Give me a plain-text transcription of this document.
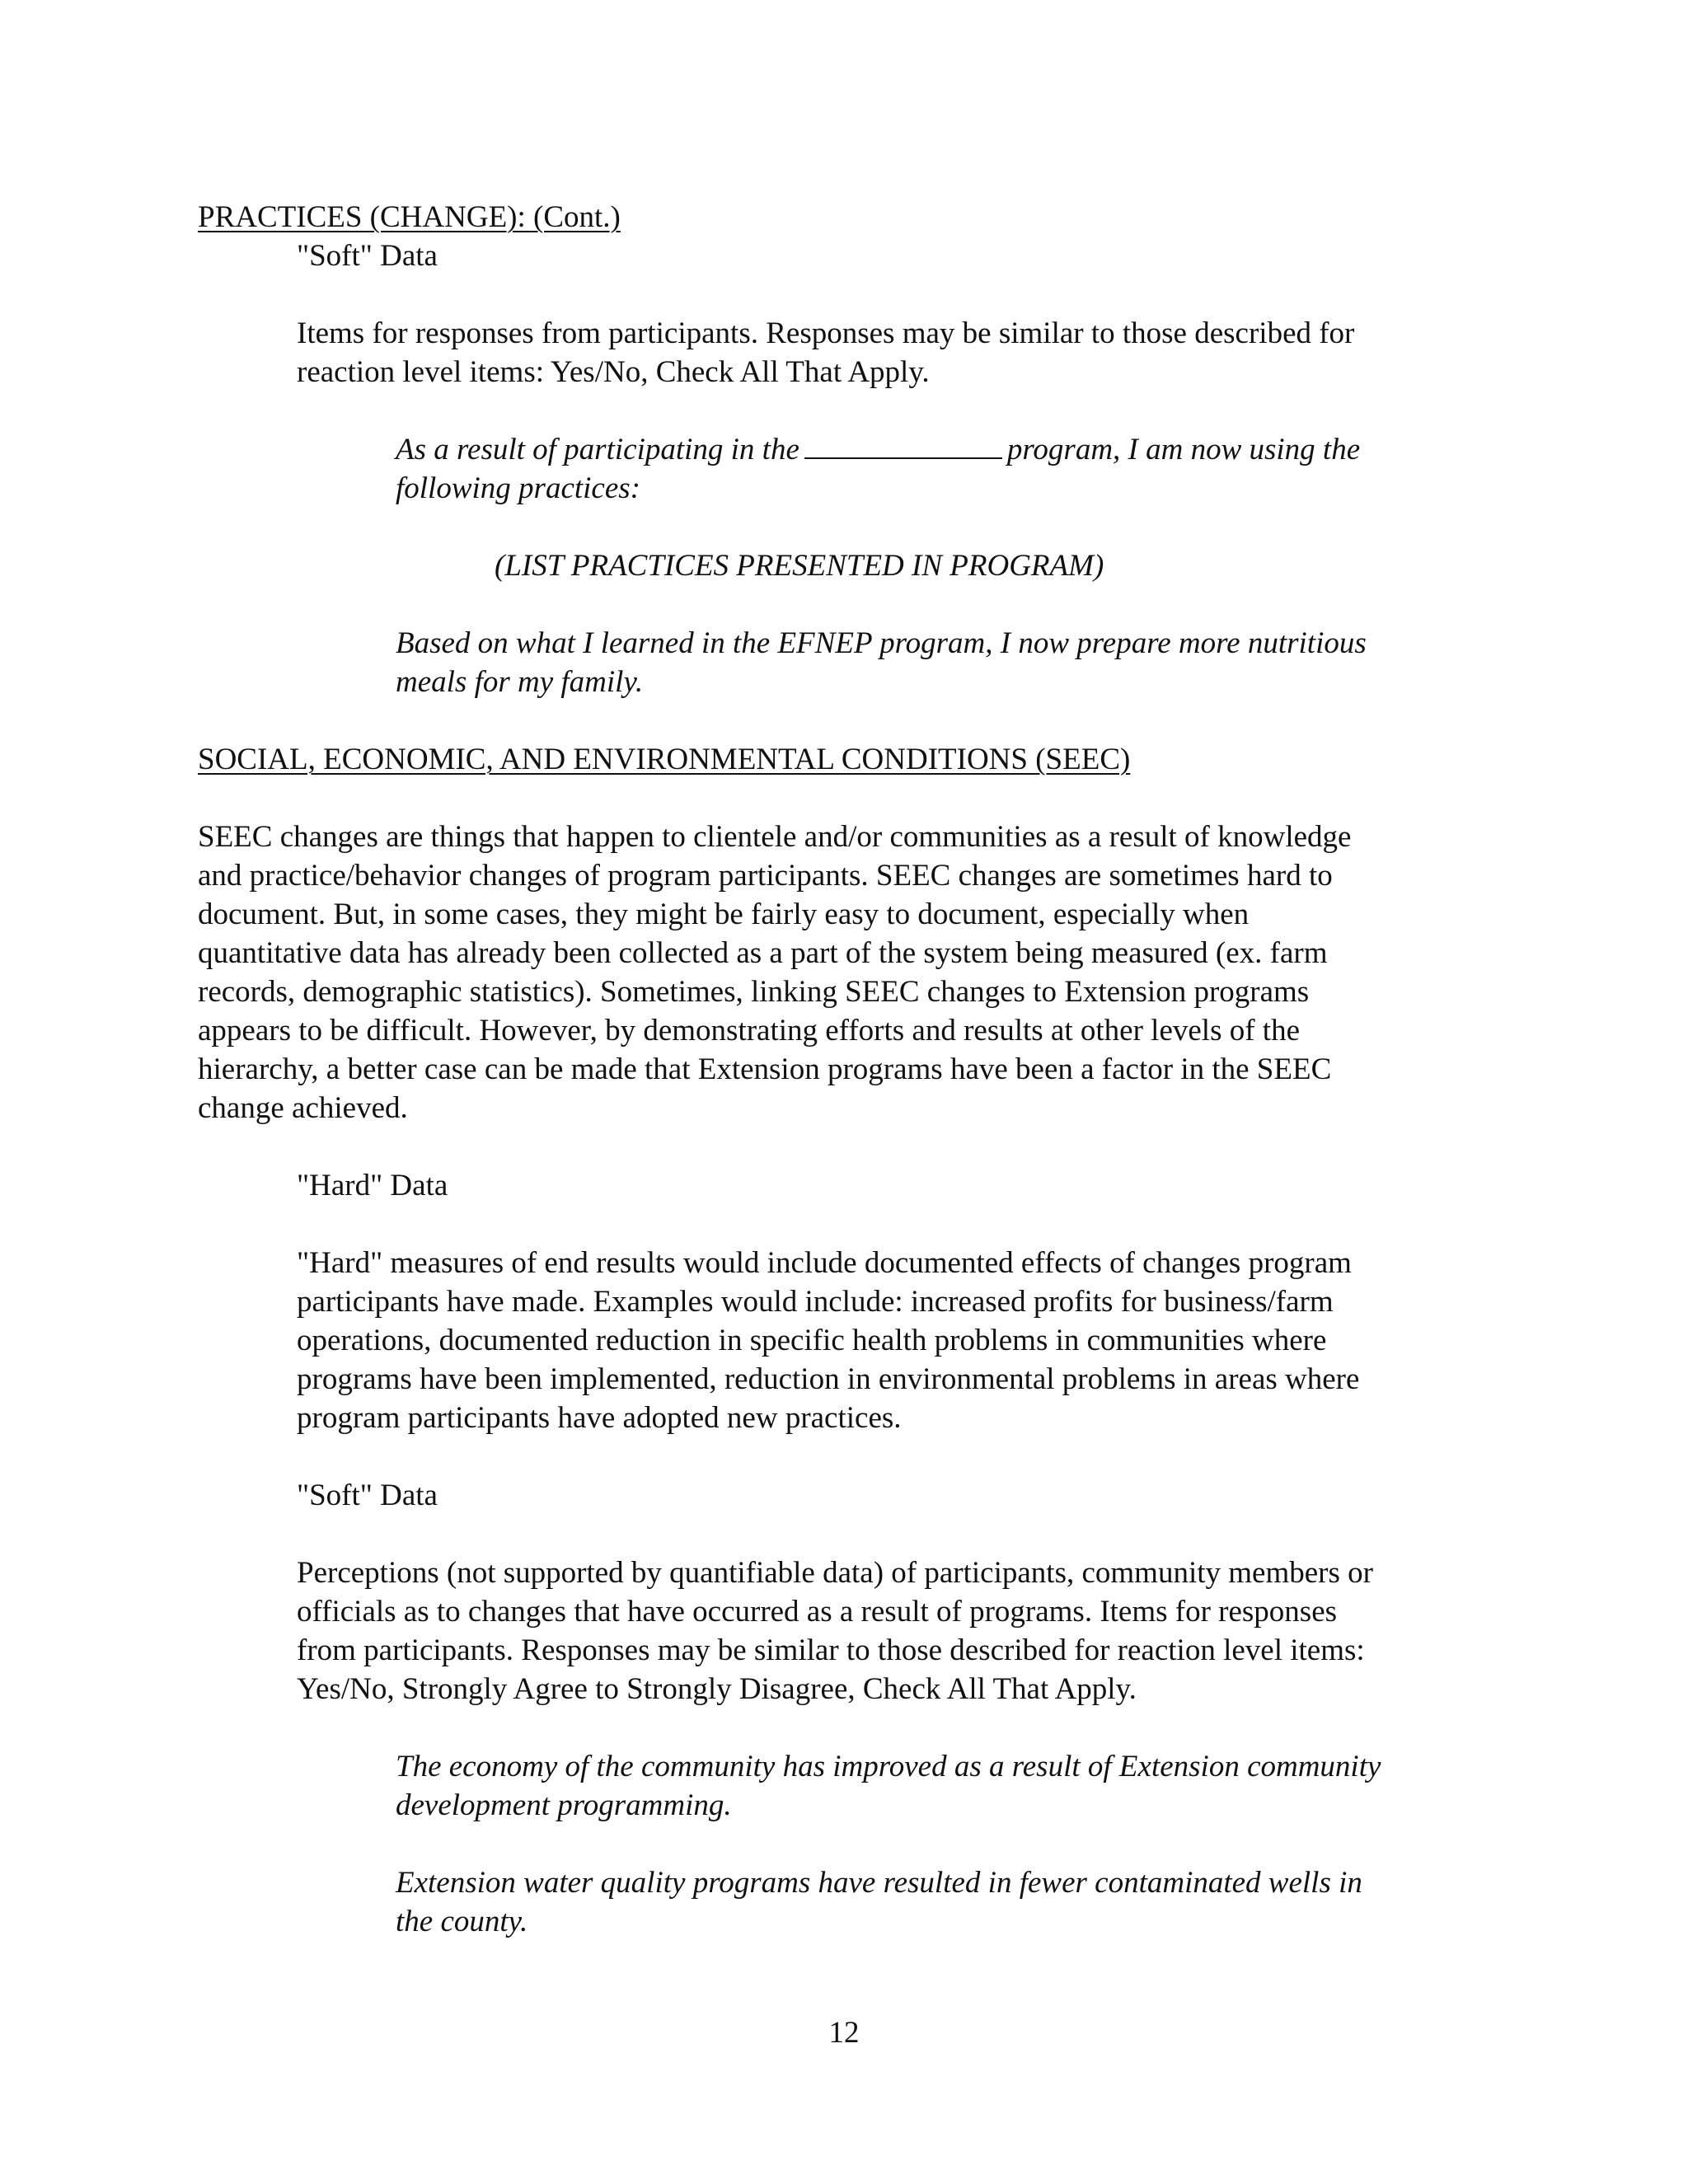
PRACTICES (CHANGE): (Cont.)

"Soft" Data

Items for responses from participants. Responses may be similar to those described for

reaction level items: Yes/No, Check All That Apply.

As a result of participating in the	program, I am now using the

following practices:

(LIST PRACTICES PRESENTED IN PROGRAM)

Based on what I learned in the EFNEP program, I now prepare more nutritious

meals for my family.

SOCIAL, ECONOMIC, AND ENVIRONMENTAL CONDITIONS (SEEC)

SEEC changes are things that happen to clientele and/or communities as a result of knowledge

and practice/behavior changes of program participants. SEEC changes are sometimes hard to

document. But, in some cases, they might be fairly easy to document, especially when

quantitative data has already been collected as a part of the system being measured (ex. farm

records, demographic statistics). Sometimes, linking SEEC changes to Extension programs

appears to be difficult. However, by demonstrating efforts and results at other levels of the

hierarchy, a better case can be made that Extension programs have been a factor in the SEEC

change achieved.

"Hard" Data

"Hard" measures of end results would include documented effects of changes program

participants have made. Examples would include: increased profits for business/farm

operations, documented reduction in specific health problems in communities where

programs have been implemented, reduction in environmental problems in areas where

program participants have adopted new practices.

"Soft" Data

Perceptions (not supported by quantifiable data) of participants, community members or

officials as to changes that have occurred as a result of programs. Items for responses

from participants. Responses may be similar to those described for reaction level items:

Yes/No, Strongly Agree to Strongly Disagree, Check All That Apply.

The economy of the community has improved as a result of Extension community

development programming.

Extension water quality programs have resulted in fewer contaminated wells in

the county.

12
